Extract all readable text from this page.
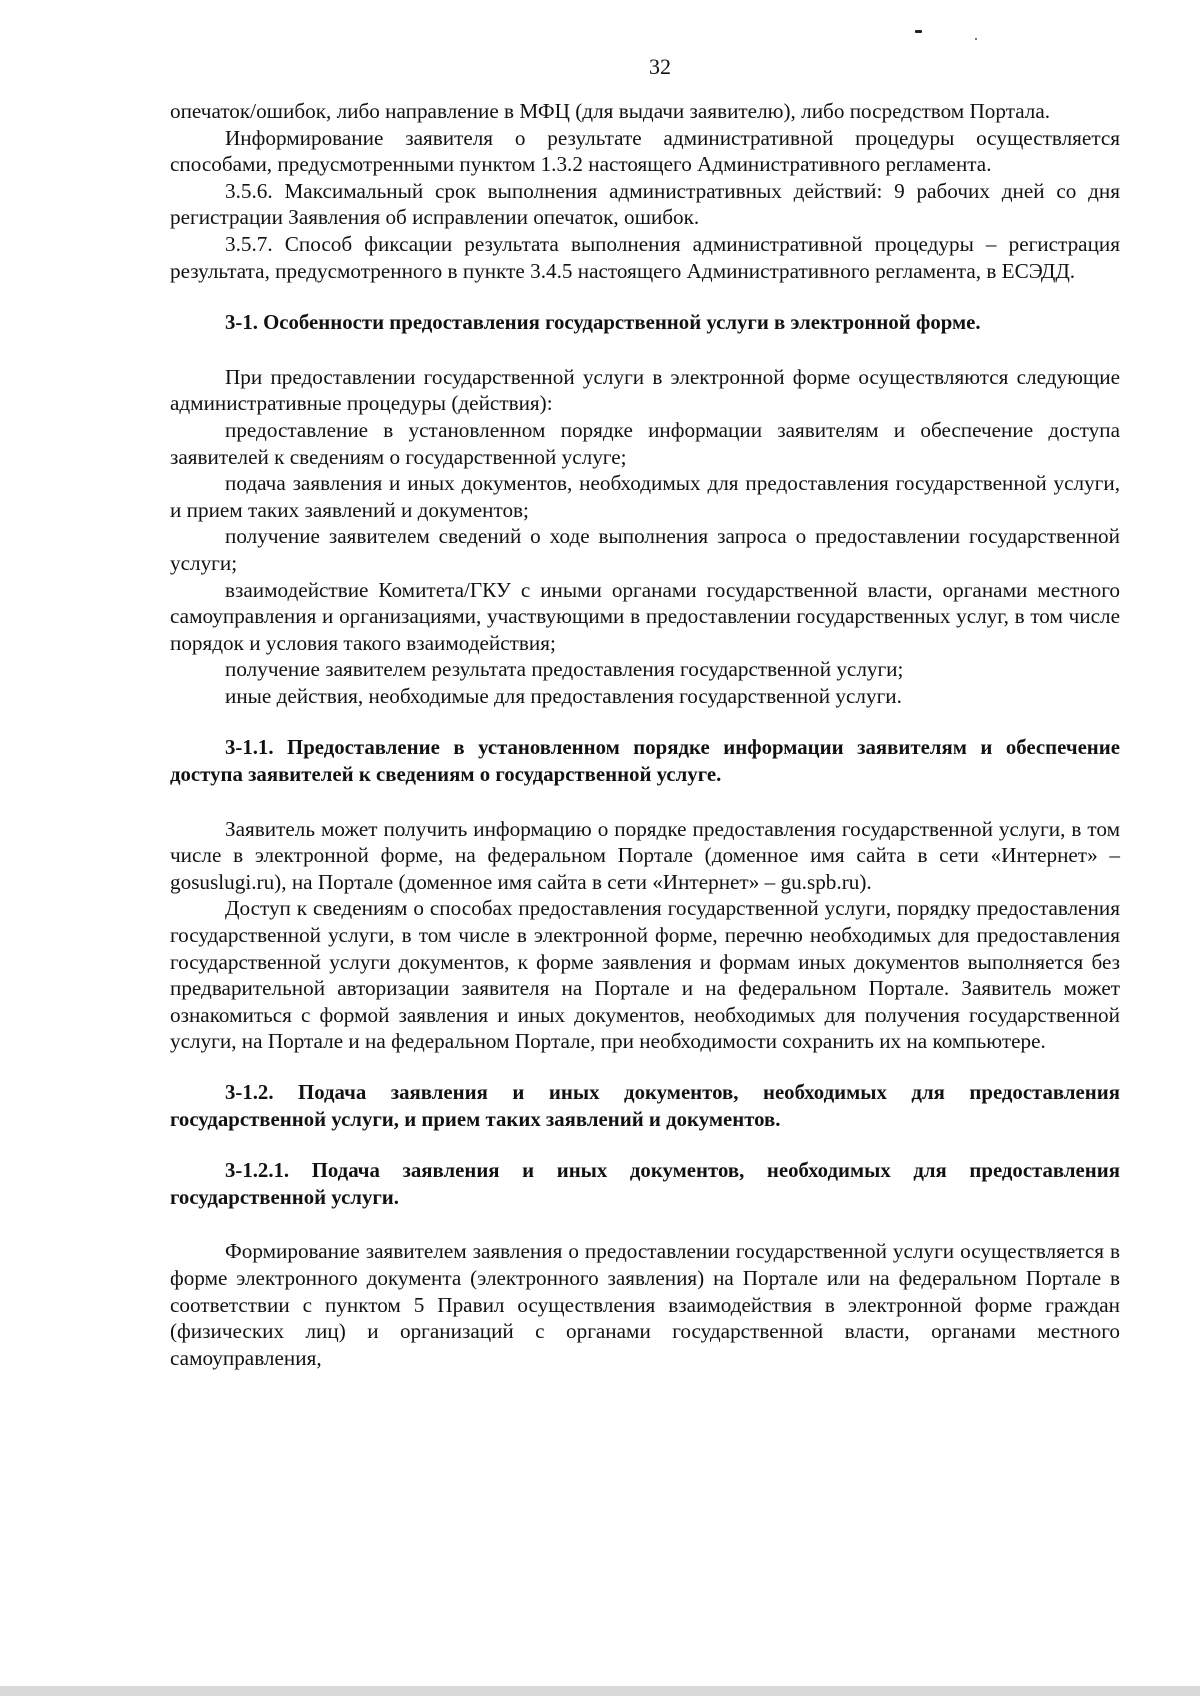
32

опечаток/ошибок, либо направление в МФЦ (для выдачи заявителю), либо посредством Портала.

Информирование заявителя о результате административной процедуры осуществляется способами, предусмотренными пунктом 1.3.2 настоящего Административного регламента.

3.5.6. Максимальный срок выполнения административных действий: 9 рабочих дней со дня регистрации Заявления об исправлении опечаток, ошибок.

3.5.7. Способ фиксации результата выполнения административной процедуры – регистрация результата, предусмотренного в пункте 3.4.5 настоящего Административного регламента, в ЕСЭДД.

3-1. Особенности предоставления государственной услуги в электронной форме.

При предоставлении государственной услуги в электронной форме осуществляются следующие административные процедуры (действия):

предоставление в установленном порядке информации заявителям и обеспечение доступа заявителей к сведениям о государственной услуге;

подача заявления и иных документов, необходимых для предоставления государственной услуги, и прием таких заявлений и документов;

получение заявителем сведений о ходе выполнения запроса о предоставлении государственной услуги;

взаимодействие Комитета/ГКУ с иными органами государственной власти, органами местного самоуправления и организациями, участвующими в предоставлении государственных услуг, в том числе порядок и условия такого взаимодействия;

получение заявителем результата предоставления государственной услуги;

иные действия, необходимые для предоставления государственной услуги.

3-1.1. Предоставление в установленном порядке информации заявителям и обеспечение доступа заявителей к сведениям о государственной услуге.

Заявитель может получить информацию о порядке предоставления государственной услуги, в том числе в электронной форме, на федеральном Портале (доменное имя сайта в сети «Интернет» – gosuslugi.ru), на Портале (доменное имя сайта в сети «Интернет» – gu.spb.ru).

Доступ к сведениям о способах предоставления государственной услуги, порядку предоставления государственной услуги, в том числе в электронной форме, перечню необходимых для предоставления государственной услуги документов, к форме заявления и формам иных документов выполняется без предварительной авторизации заявителя на Портале и на федеральном Портале. Заявитель может ознакомиться с формой заявления и иных документов, необходимых для получения государственной услуги, на Портале и на федеральном Портале, при необходимости сохранить их на компьютере.

3-1.2. Подача заявления и иных документов, необходимых для предоставления государственной услуги, и прием таких заявлений и документов.

3-1.2.1. Подача заявления и иных документов, необходимых для предоставления государственной услуги.

Формирование заявителем заявления о предоставлении государственной услуги осуществляется в форме электронного документа (электронного заявления) на Портале или на федеральном Портале в соответствии с пунктом 5 Правил осуществления взаимодействия в электронной форме граждан (физических лиц) и организаций с органами государственной власти, органами местного самоуправления,
